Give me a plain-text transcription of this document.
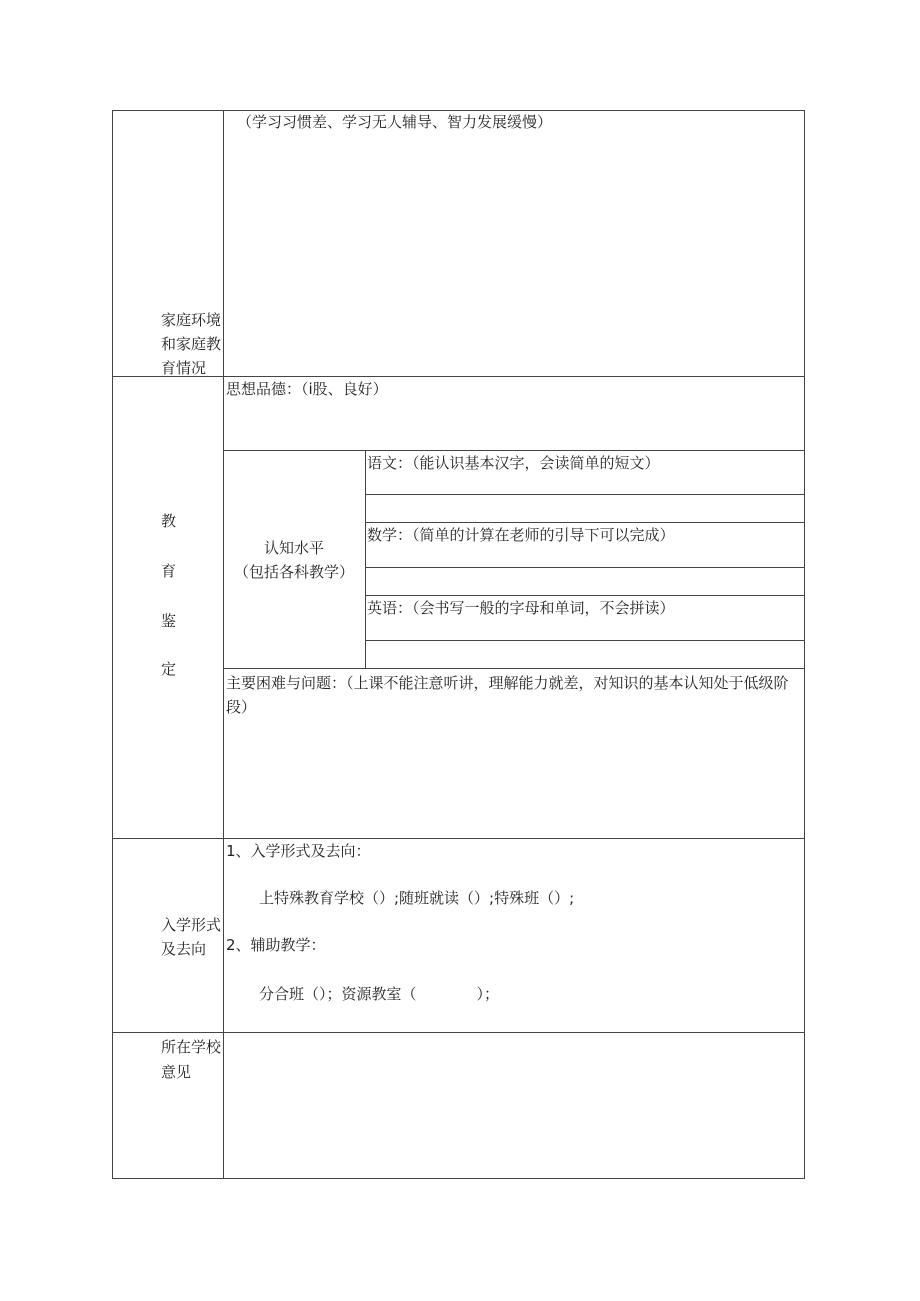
家庭环境
和家庭教
育情况
（学习习惯差、学习无人辅导、智力发展缓慢）
教
育
鉴
定
思想品德：（i股、良好）
认知水平
（包括各科教学）
语文：（能认识基本汉字，会读简单的短文）
数学：（简单的计算在老师的引导下可以完成）
英语：（会书写一般的字母和单词，不会拼读）
主要困难与问题：（上课不能注意听讲，理解能力就差，对知识的基本认知处于低级阶段）
入学形式
及去向
1、入学形式及去向：
上特殊教育学校（）;随班就读（）;特殊班（）;
2、辅助教学：
分合班（）；资源教室（　　　　）；
所在学校
意见
